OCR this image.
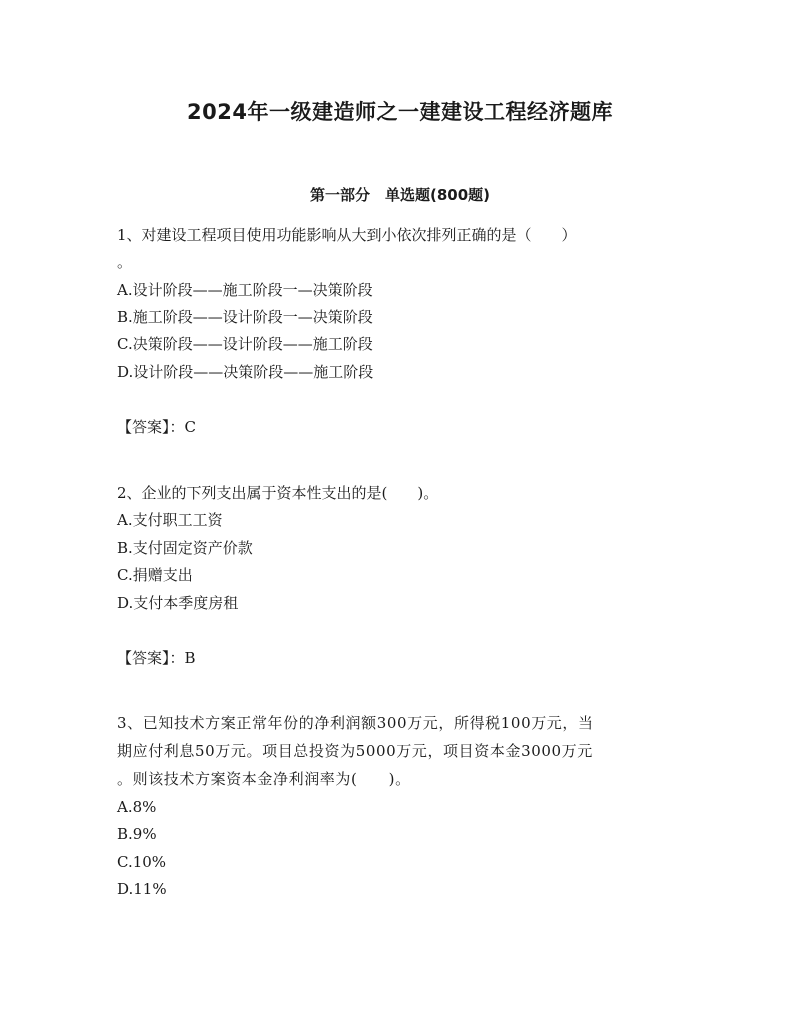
2024年一级建造师之一建建设工程经济题库
第一部分　单选题(800题)
1、对建设工程项目使用功能影响从大到小依次排列正确的是（　　）
。
A.设计阶段——施工阶段一—决策阶段
B.施工阶段——设计阶段一—决策阶段
C.决策阶段——设计阶段——施工阶段
D.设计阶段——决策阶段——施工阶段
【答案】：C
2、企业的下列支出属于资本性支出的是(　　)。
A.支付职工工资
B.支付固定资产价款
C.捐赠支出
D.支付本季度房租
【答案】：B
3、已知技术方案正常年份的净利润额300万元，所得税100万元，当
期应付利息50万元。项目总投资为5000万元，项目资本金3000万元
。则该技术方案资本金净利润率为(　　)。
A.8%
B.9%
C.10%
D.11%
